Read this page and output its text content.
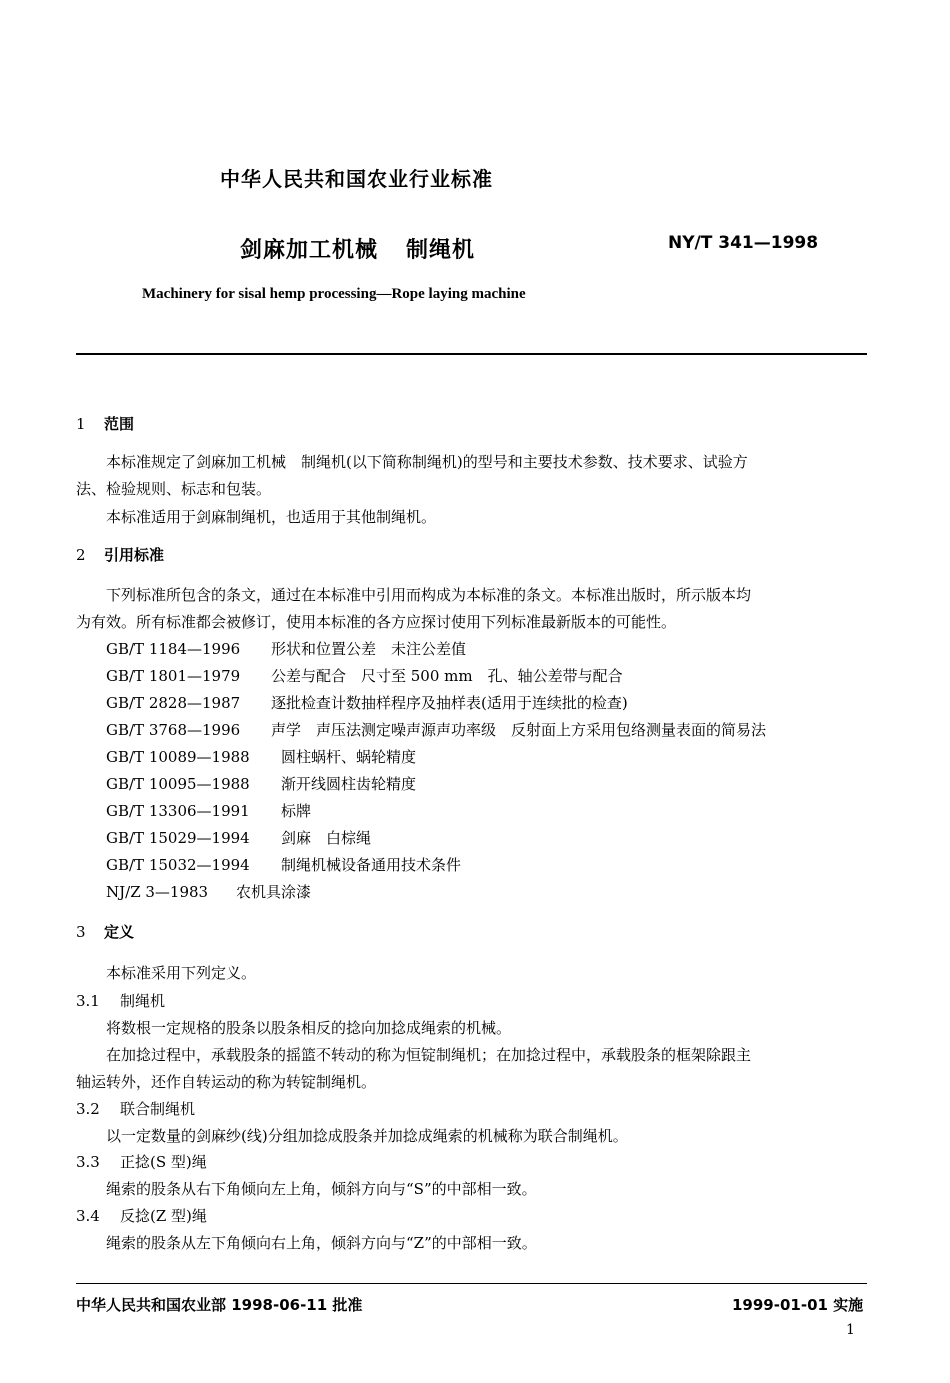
中华人民共和国农业行业标准
剑麻加工机械 制绳机	NY/T 341—1998
Machinery for sisal hemp processing—Rope laying machine
1 范围
本标准规定了剑麻加工机械　制绳机(以下简称制绳机)的型号和主要技术参数、技术要求、试验方
法、检验规则、标志和包装。
本标准适用于剑麻制绳机，也适用于其他制绳机。
2 引用标准
下列标准所包含的条文，通过在本标准中引用而构成为本标准的条文。本标准出版时，所示版本均
为有效。所有标准都会被修订，使用本标准的各方应探讨使用下列标准最新版本的可能性。
GB/T 1184—1996 形状和位置公差　未注公差值
GB/T 1801—1979 公差与配合　尺寸至 500 mm　孔、轴公差带与配合
GB/T 2828—1987 逐批检查计数抽样程序及抽样表(适用于连续批的检查)
GB/T 3768—1996 声学　声压法测定噪声源声功率级　反射面上方采用包络测量表面的简易法
GB/T 10089—1988 圆柱蜗杆、蜗轮精度
GB/T 10095—1988 渐开线圆柱齿轮精度
GB/T 13306—1991 标牌
GB/T 15029—1994 剑麻　白棕绳
GB/T 15032—1994 制绳机械设备通用技术条件
NJ/Z 3—1983 农机具涂漆
3 定义
本标准采用下列定义。
3.1 制绳机
将数根一定规格的股条以股条相反的捻向加捻成绳索的机械。
在加捻过程中，承载股条的摇篮不转动的称为恒锭制绳机；在加捻过程中，承载股条的框架除跟主
轴运转外，还作自转运动的称为转锭制绳机。
3.2 联合制绳机
以一定数量的剑麻纱(线)分组加捻成股条并加捻成绳索的机械称为联合制绳机。
3.3 正捻(S 型)绳
绳索的股条从右下角倾向左上角，倾斜方向与“S”的中部相一致。
3.4 反捻(Z 型)绳
绳索的股条从左下角倾向右上角，倾斜方向与“Z”的中部相一致。
中华人民共和国农业部 1998-06-11 批准	1999-01-01 实施
1
